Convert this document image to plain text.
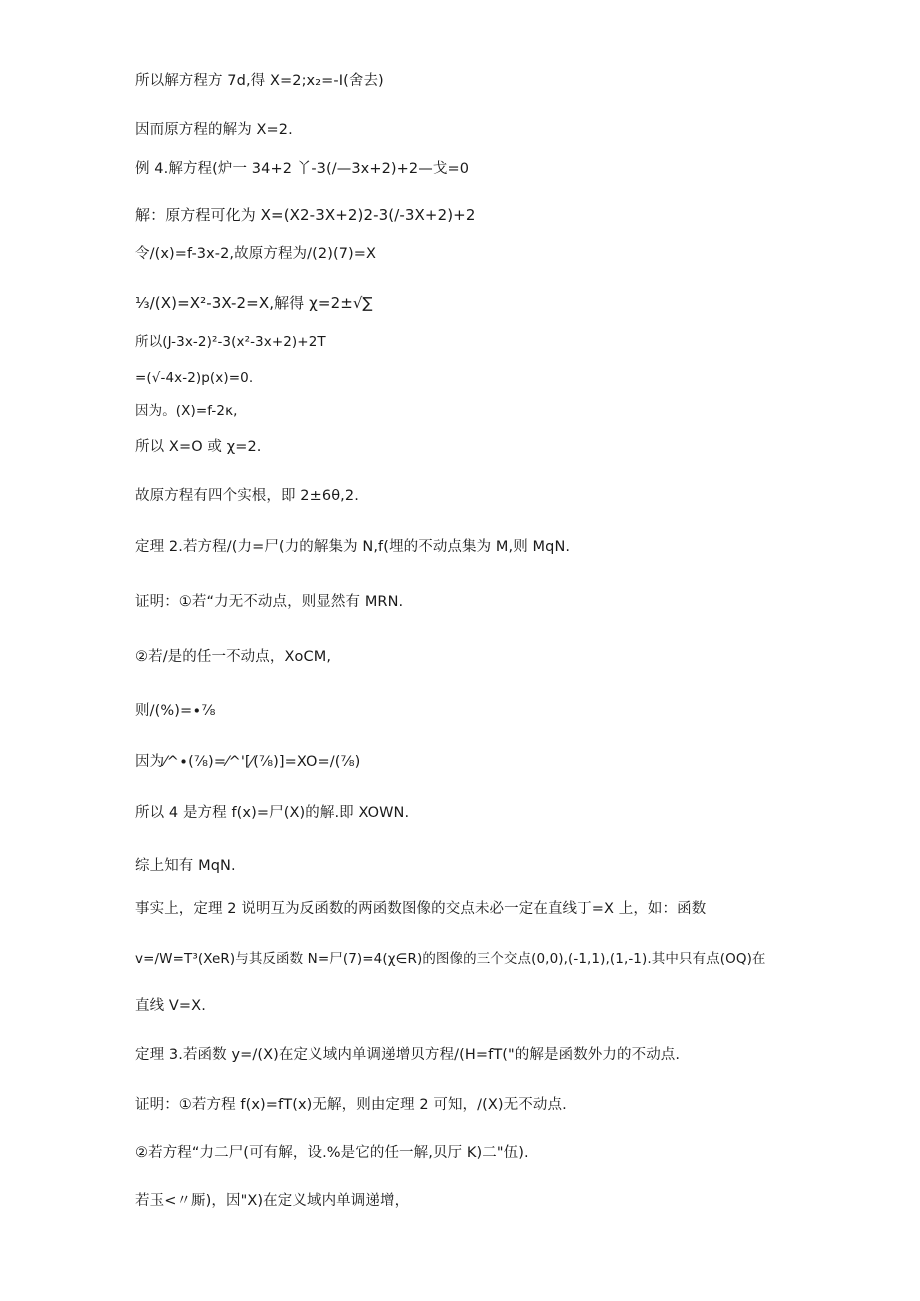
所以解方程方 7d,得 X=2;x₂=-I(舍去)
因而原方程的解为 X=2.
例 4.解方程(炉一 34+2 丫-3(/—3x+2)+2—戈=0
解：原方程可化为 X=(X2-3X+2)2-3(/-3X+2)+2
令/(x)=f-3x-2,故原方程为/(2)(7)=X
⅓/(X)=X²-3X-2=X,解得 χ=2±√∑
所以(J-3x-2)²-3(x²-3x+2)+2T
=(√-4x-2)p(x)=0.
因为。(X)=f-2κ,
所以 X=O 或 χ=2.
故原方程有四个实根，即 2±6θ,2.
定理 2.若方程/(力=尸(力的解集为 N,f(埋的不动点集为 M,则 MqN.
证明：①若“力无不动点，则显然有 MRN.
②若/是的任一不动点，XoCM,
则/(%)=∙⅞
因为⁄^∙(⅞)=⁄^'[⁄(⅞)]=XO=/(⅞)
所以 4 是方程 f(x)=尸(X)的解.即 XOWN.
综上知有 MqN.
事实上，定理 2 说明互为反函数的两函数图像的交点未必一定在直线丁=X 上，如：函数
v=∕W=T³(XeR)与其反函数 N=尸(7)=4(χ∈R)的图像的三个交点(0,0),(-1,1),(1,-1).其中只有点(OQ)在
直线 V=X.
定理 3.若函数 y=/(X)在定义域内单调递增贝方程/(H=fT("的解是函数外力的不动点.
证明：①若方程 f(x)=fT(x)无解，则由定理 2 可知，/(X)无不动点.
②若方程“力二尸(可有解，设.%是它的任一解,贝厅 K)二"伍).
若玉<〃厮)，因"X)在定义域内单调递增，
